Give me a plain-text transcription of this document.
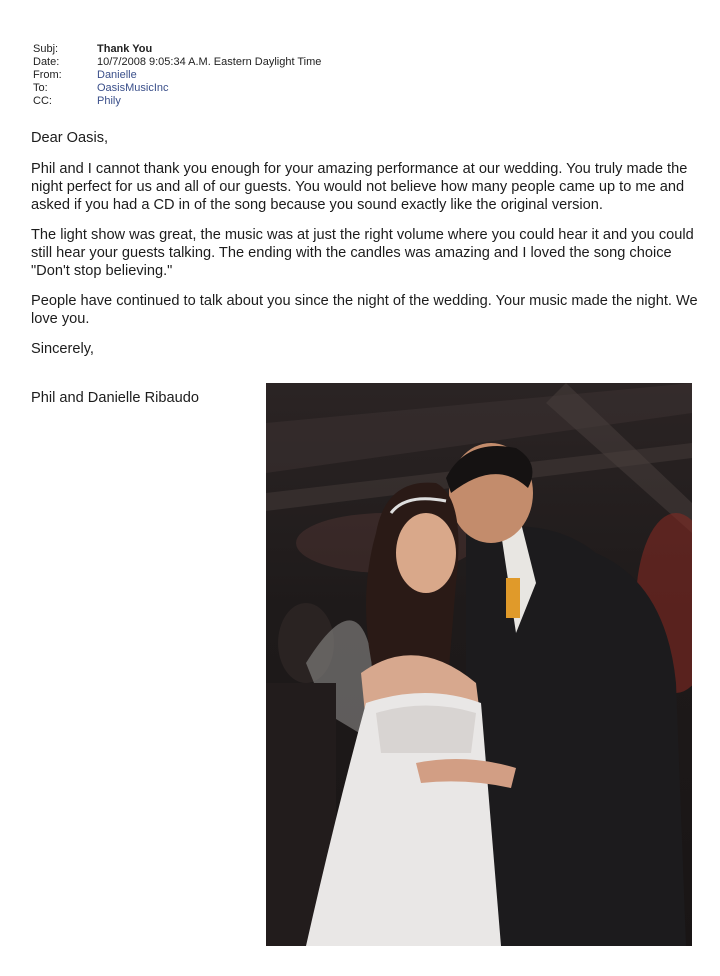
Subj:	Thank You
Date:	10/7/2008 9:05:34 A.M. Eastern Daylight Time
From:	Danielle
To:	OasisMusicInc
CC:	Phily

Dear Oasis,

Phil and I cannot thank you enough for your amazing performance at our wedding. You truly made the night perfect for us and all of our guests. You would not believe how many people came up to me and asked if you had a CD in of the song because you sound exactly like the original version.

The light show was great, the music was at just the right volume where you could hear it and you could still hear your guests talking. The ending with the candles was amazing and I loved the song choice "Don't stop believing."

People have continued to talk about you since the night of the wedding. Your music made the night. We love you.

Sincerely,

Phil and Danielle Ribaudo
